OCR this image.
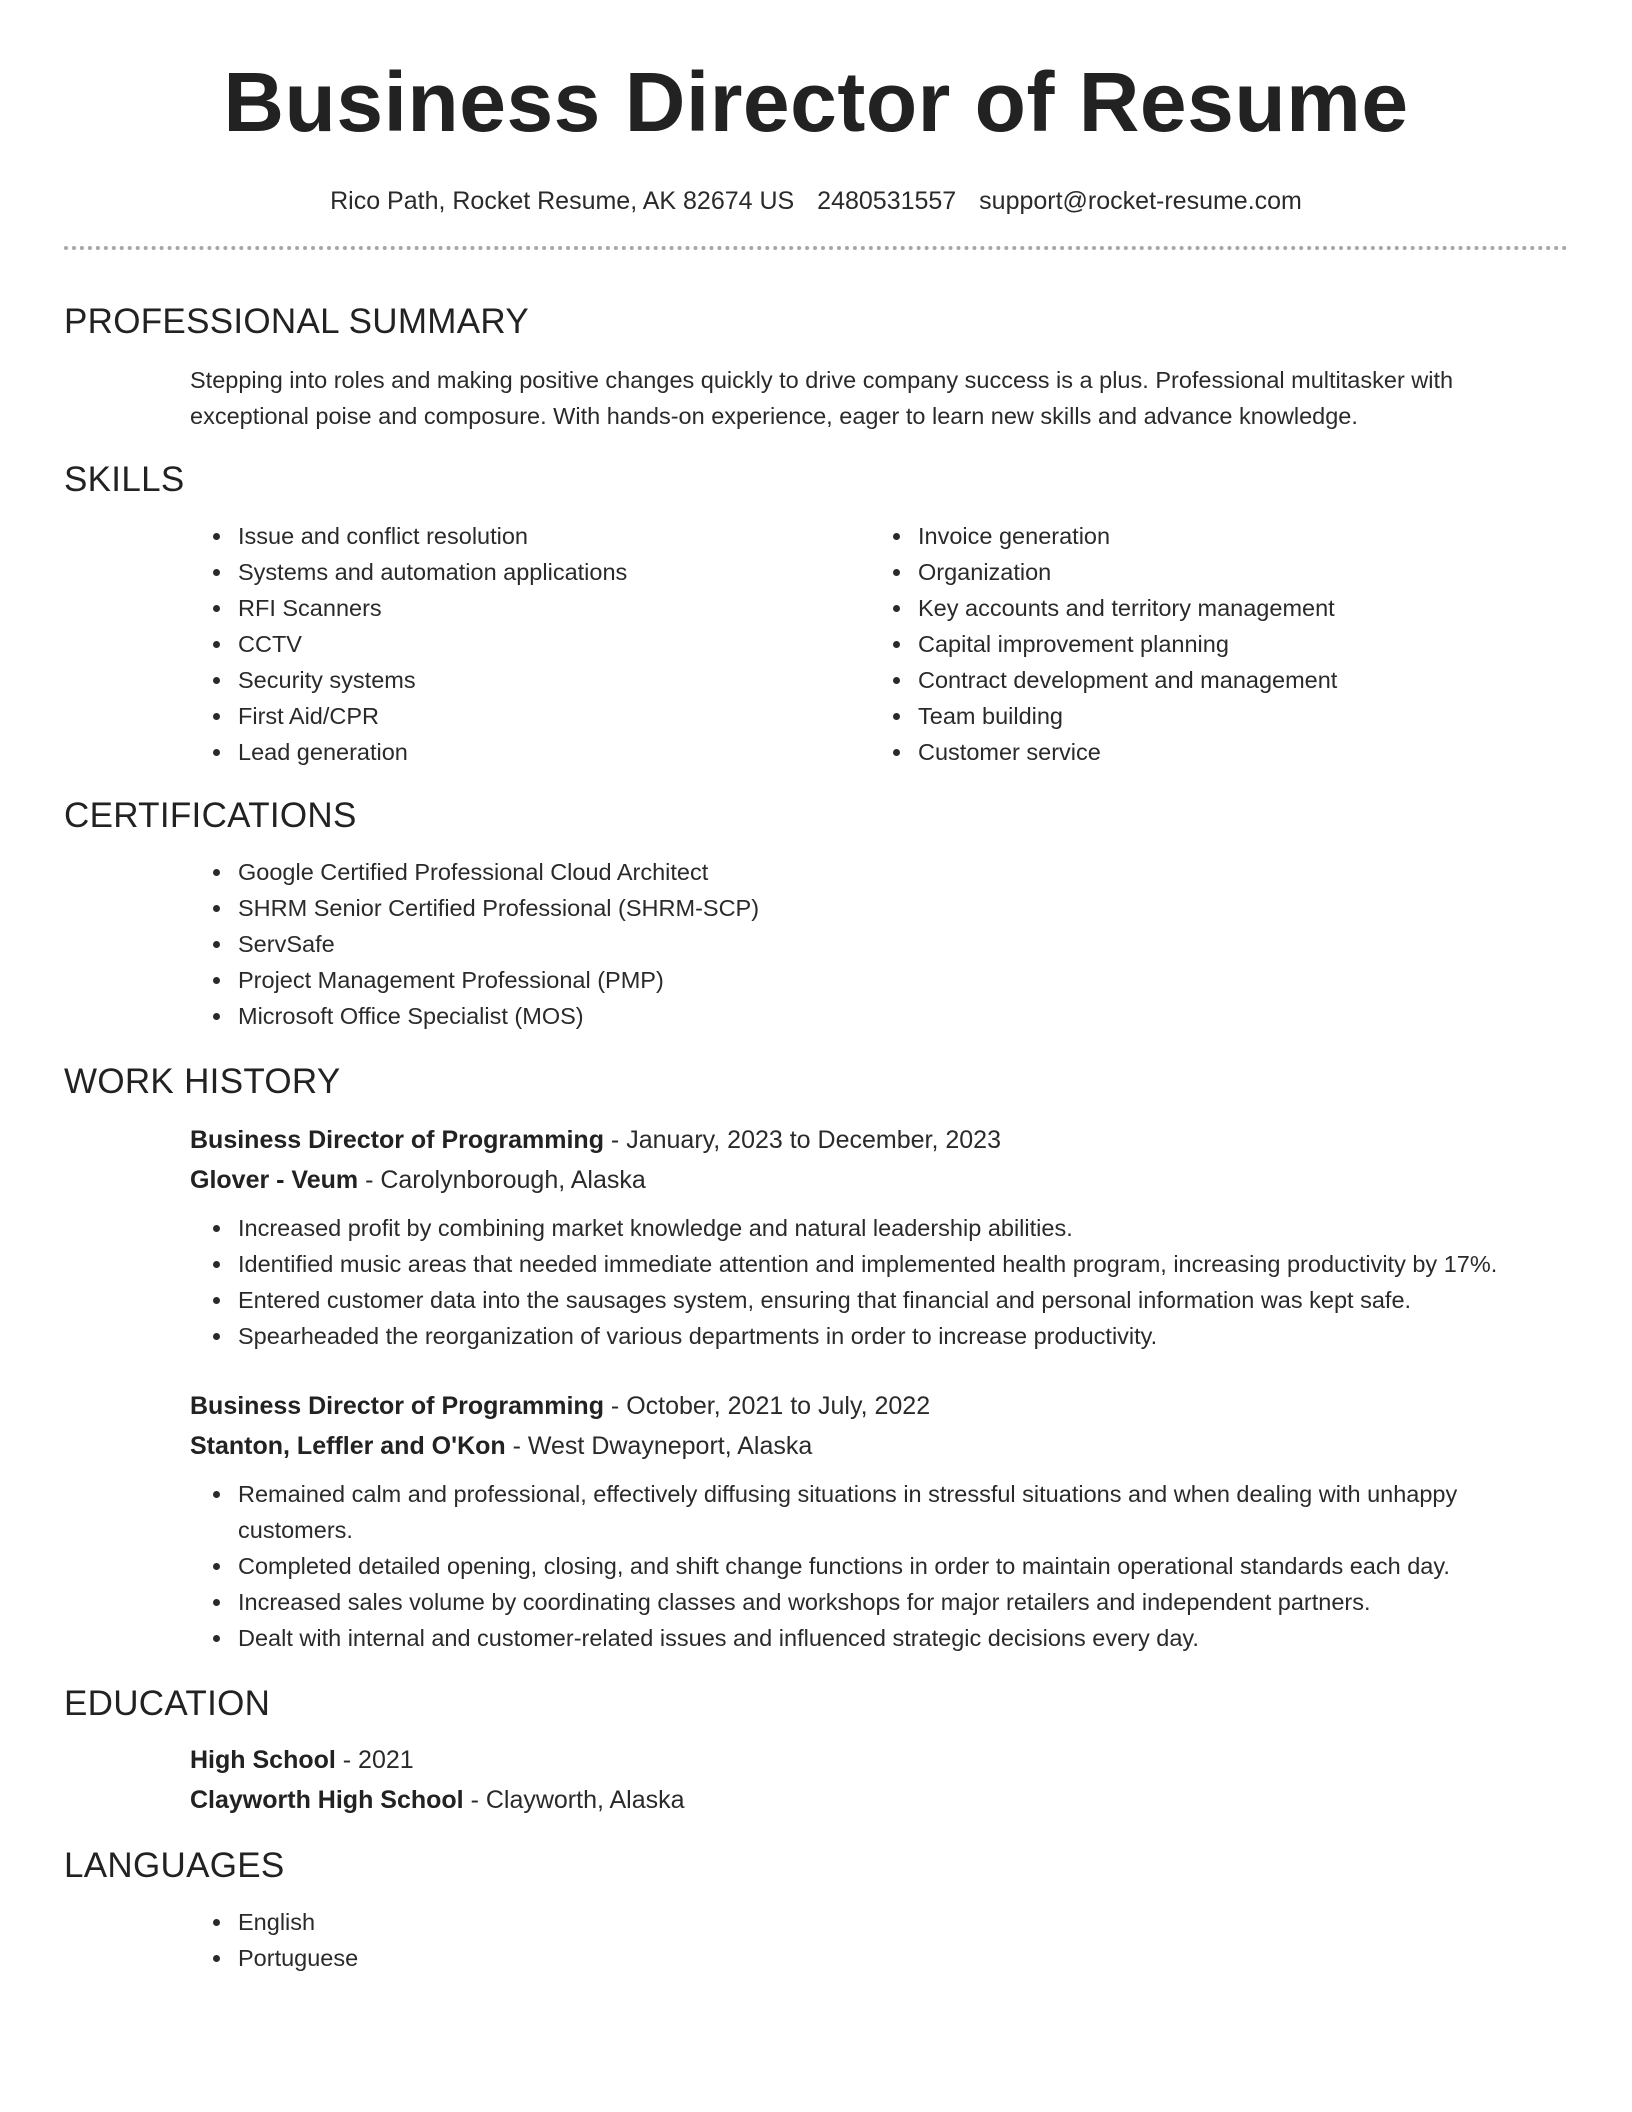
Business Director of Resume
Rico Path, Rocket Resume, AK 82674 US 2480531557 support@rocket-resume.com
PROFESSIONAL SUMMARY
Stepping into roles and making positive changes quickly to drive company success is a plus. Professional multitasker with exceptional poise and composure. With hands-on experience, eager to learn new skills and advance knowledge.
SKILLS
• Issue and conflict resolution
• Systems and automation applications
• RFI Scanners
• CCTV
• Security systems
• First Aid/CPR
• Lead generation
• Invoice generation
• Organization
• Key accounts and territory management
• Capital improvement planning
• Contract development and management
• Team building
• Customer service
CERTIFICATIONS
• Google Certified Professional Cloud Architect
• SHRM Senior Certified Professional (SHRM-SCP)
• ServSafe
• Project Management Professional (PMP)
• Microsoft Office Specialist (MOS)
WORK HISTORY
Business Director of Programming - January, 2023 to December, 2023
Glover - Veum - Carolynborough, Alaska
• Increased profit by combining market knowledge and natural leadership abilities.
• Identified music areas that needed immediate attention and implemented health program, increasing productivity by 17%.
• Entered customer data into the sausages system, ensuring that financial and personal information was kept safe.
• Spearheaded the reorganization of various departments in order to increase productivity.
Business Director of Programming - October, 2021 to July, 2022
Stanton, Leffler and O'Kon - West Dwayneport, Alaska
• Remained calm and professional, effectively diffusing situations in stressful situations and when dealing with unhappy customers.
• Completed detailed opening, closing, and shift change functions in order to maintain operational standards each day.
• Increased sales volume by coordinating classes and workshops for major retailers and independent partners.
• Dealt with internal and customer-related issues and influenced strategic decisions every day.
EDUCATION
High School - 2021
Clayworth High School - Clayworth, Alaska
LANGUAGES
• English
• Portuguese
